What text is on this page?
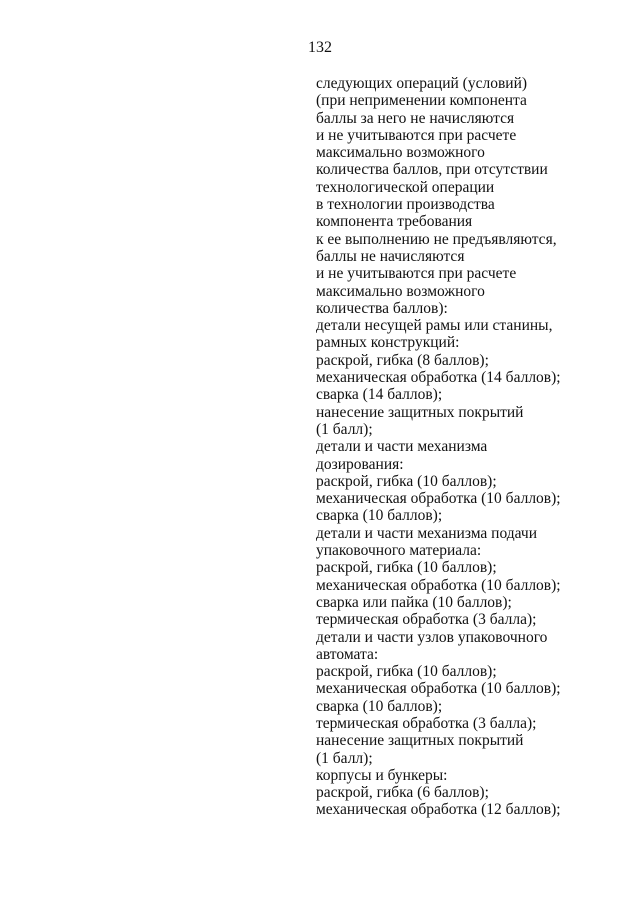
132
следующих операций (условий)
(при неприменении компонента
баллы за него не начисляются
и не учитываются при расчете
максимально возможного
количества баллов, при отсутствии
технологической операции
в технологии производства
компонента требования
к ее выполнению не предъявляются,
баллы не начисляются
и не учитываются при расчете
максимально возможного
количества баллов):
детали несущей рамы или станины,
рамных конструкций:
раскрой, гибка (8 баллов);
механическая обработка (14 баллов);
сварка (14 баллов);
нанесение защитных покрытий
(1 балл);
детали и части механизма
дозирования:
раскрой, гибка (10 баллов);
механическая обработка (10 баллов);
сварка (10 баллов);
детали и части механизма подачи
упаковочного материала:
раскрой, гибка (10 баллов);
механическая обработка (10 баллов);
сварка или пайка (10 баллов);
термическая обработка (3 балла);
детали и части узлов упаковочного
автомата:
раскрой, гибка (10 баллов);
механическая обработка (10 баллов);
сварка (10 баллов);
термическая обработка (3 балла);
нанесение защитных покрытий
(1 балл);
корпусы и бункеры:
раскрой, гибка (6 баллов);
механическая обработка (12 баллов);
